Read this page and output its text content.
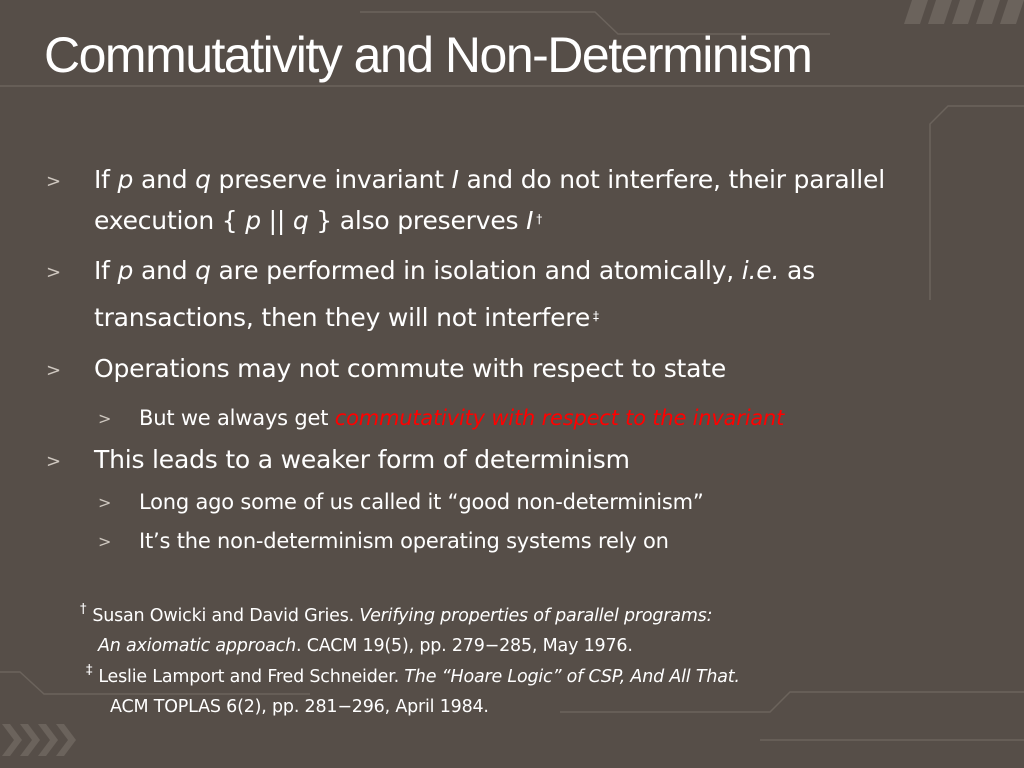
Commutativity and Non-Determinism
> If p and q preserve invariant I and do not interfere, their parallel
execution { p || q } also preserves I †
> If p and q are performed in isolation and atomically, i.e. as
transactions, then they will not interfere ‡
> Operations may not commute with respect to state
> But we always get commutativity with respect to the invariant
> This leads to a weaker form of determinism
> Long ago some of us called it “good non-determinism”
> It’s the non-determinism operating systems rely on
† Susan Owicki and David Gries. Verifying properties of parallel programs:
An axiomatic approach. CACM 19(5), pp. 279−285, May 1976.
‡ Leslie Lamport and Fred Schneider. The “Hoare Logic” of CSP, And All That.
ACM TOPLAS 6(2), pp. 281−296, April 1984.
